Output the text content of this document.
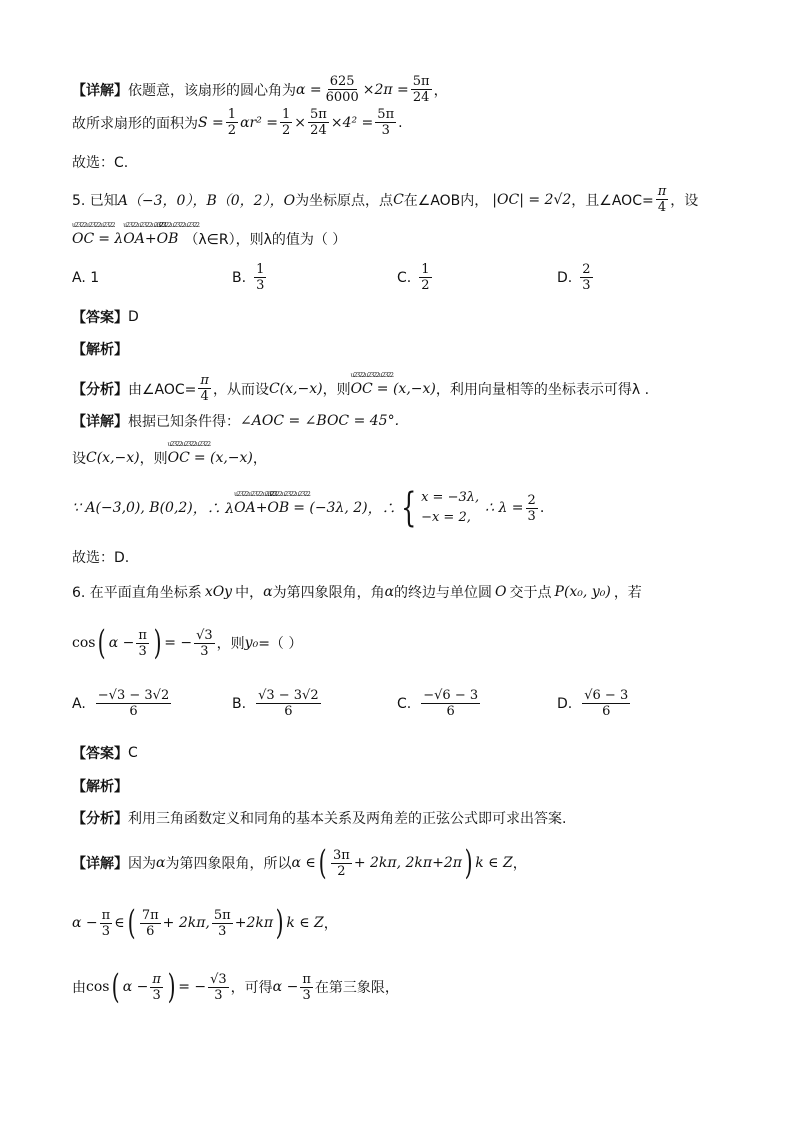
【详解】 依题意，该扇形的圆心角为 $\alpha = \frac{625}{6000} \times 2\pi = \frac{5\pi}{24}$ ，
故所求扇形的面积为 $S = \frac{1}{2} \alpha r^2 = \frac{1}{2} \times \frac{5\pi}{24} \times 4^2 = \frac{5\pi}{3}$ .
故选：C.
5. 已知 A（−3，0），B（0，2），O 为坐标原点，点 C 在∠AOB内， |OC| = 2√2 ，且∠AOC= $\frac{\pi}{4}$ ，设
u2322u2322u2322 OC = λ u2322u2322u2322 OA + u2322u2322u2322 OB （λ∈R），则λ的值为（ ）
A. 1	B. $\frac{1}{3}$	C. $\frac{1}{2}$	D. $\frac{2}{3}$
【答案】 D
【解析】
【分析】 由∠AOC= $\frac{\pi}{4}$ ，从而设 C(x,−x) ，则 u2322u2322u2322 OC = (x,−x) ，利用向量相等的坐标表示可得λ .
【详解】 根据已知条件得： ∠AOC = ∠BOC = 45°.
设 C(x,−x) ，则 u2322u2322u2322 OC = (x,−x) ，
∵ A(−3,0), B(0,2) ，∴ λ u2322u2322u2322 OA + u2322u2322u2322 OB = (−3λ, 2) ，∴ { x = −3λ,
−x = 2,
∴ $\lambda = \frac{2}{3}$ .
故选：D.
6. 在平面直角坐标系 xOy 中， α 为第四象限角，角 α 的终边与单位圆 O 交于点 P(x₀, y₀) ，若
cos ( $\alpha - \frac{\pi}{3}$ ) = − $\frac{√3}{3}$ ，则 y₀ =（ ）
A. $\frac{-√3 - 3√2}{6}$	B. $\frac{√3 - 3√2}{6}$	C. $\frac{-√6 - 3}{6}$	D. $\frac{√6 - 3}{6}$
【答案】 C
【解析】
【分析】 利用三角函数定义和同角的基本关系及两角差的正弦公式即可求出答案.
【详解】 因为 α 为第四象限角，所以 α ∈ ( $\frac{3\pi}{2} + 2k\pi$, 2kπ+2π ) k ∈ Z ，
$\alpha - \frac{\pi}{3}$ ∈ ( $\frac{7\pi}{6} + 2k\pi$, $\frac{5\pi}{3} +2k\pi$ ) k ∈ Z ，
由 cos ( $\alpha - \frac{\pi}{3}$ ) = − $\frac{√3}{3}$ ，可得 $\alpha - \frac{\pi}{3}$ 在第三象限，
